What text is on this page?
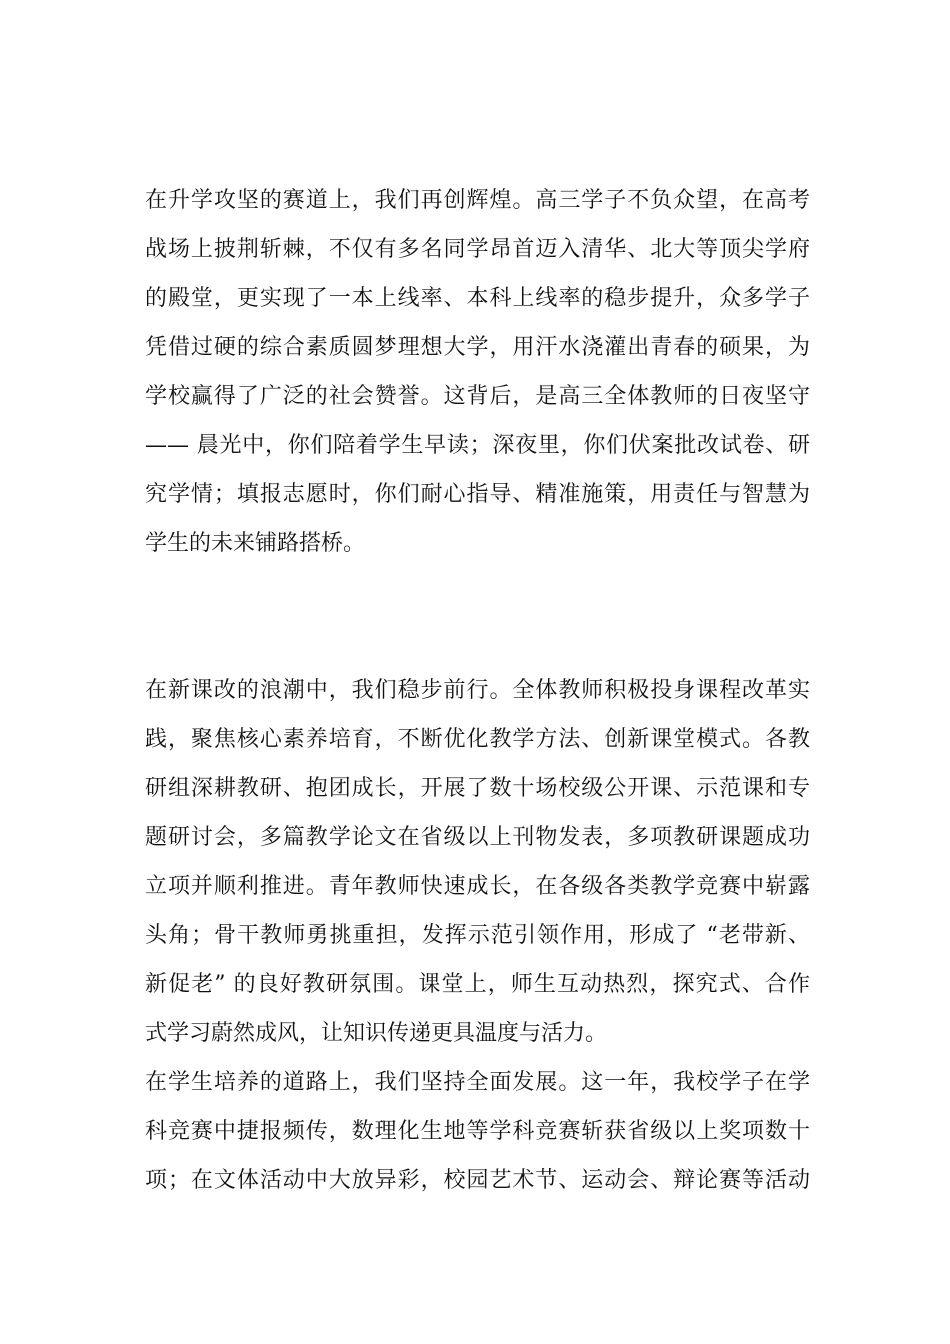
在升学攻坚的赛道上，我们再创辉煌。高三学子不负众望，在高考
战场上披荆斩棘，不仅有多名同学昂首迈入清华、北大等顶尖学府
的殿堂，更实现了一本上线率、本科上线率的稳步提升，众多学子
凭借过硬的综合素质圆梦理想大学，用汗水浇灌出青春的硕果，为
学校赢得了广泛的社会赞誉。这背后，是高三全体教师的日夜坚守
—— 晨光中，你们陪着学生早读；深夜里，你们伏案批改试卷、研
究学情；填报志愿时，你们耐心指导、精准施策，用责任与智慧为
学生的未来铺路搭桥。
在新课改的浪潮中，我们稳步前行。全体教师积极投身课程改革实
践，聚焦核心素养培育，不断优化教学方法、创新课堂模式。各教
研组深耕教研、抱团成长，开展了数十场校级公开课、示范课和专
题研讨会，多篇教学论文在省级以上刊物发表，多项教研课题成功
立项并顺利推进。青年教师快速成长，在各级各类教学竞赛中崭露
头角；骨干教师勇挑重担，发挥示范引领作用，形成了 “老带新、
新促老” 的良好教研氛围。课堂上，师生互动热烈，探究式、合作
式学习蔚然成风，让知识传递更具温度与活力。
在学生培养的道路上，我们坚持全面发展。这一年，我校学子在学
科竞赛中捷报频传，数理化生地等学科竞赛斩获省级以上奖项数十
项；在文体活动中大放异彩，校园艺术节、运动会、辩论赛等活动
